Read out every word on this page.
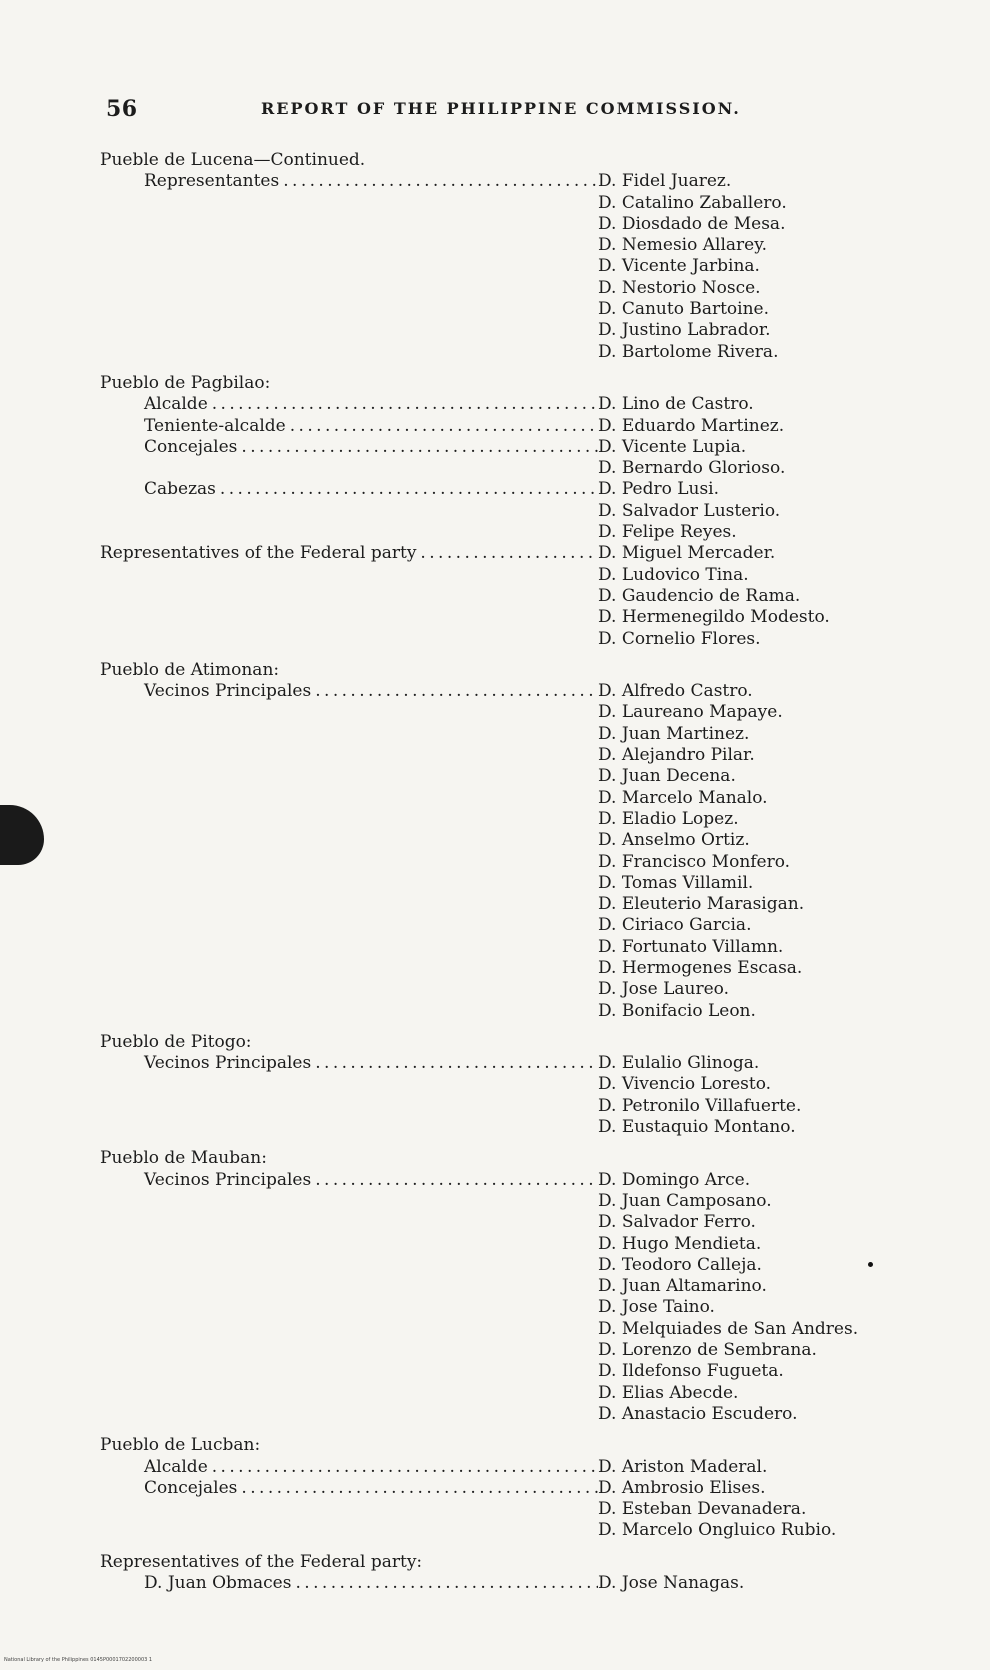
56	REPORT OF THE PHILIPPINE COMMISSION.
Pueble de Lucena—Continued.
Representantes . . .	D. Fidel Juarez.
D. Catalino Zaballero.
D. Diosdado de Mesa.
D. Nemesio Allarey.
D. Vicente Jarbina.
D. Nestorio Nosce.
D. Canuto Bartoine.
D. Justino Labrador.
D. Bartolome Rivera.
Pueblo de Pagbilao:
Alcalde . . .	D. Lino de Castro.
Teniente-alcalde . . .	D. Eduardo Martinez.
Concejales . . .	D. Vicente Lupia.
D. Bernardo Glorioso.
Cabezas . . .	D. Pedro Lusi.
D. Salvador Lusterio.
D. Felipe Reyes.
Representatives of the Federal party . . .	D. Miguel Mercader.
D. Ludovico Tina.
D. Gaudencio de Rama.
D. Hermenegildo Modesto.
D. Cornelio Flores.
Pueblo de Atimonan:
Vecinos Principales . . .	D. Alfredo Castro.
D. Laureano Mapaye.
D. Juan Martinez.
D. Alejandro Pilar.
D. Juan Decena.
D. Marcelo Manalo.
D. Eladio Lopez.
D. Anselmo Ortiz.
D. Francisco Monfero.
D. Tomas Villamil.
D. Eleuterio Marasigan.
D. Ciriaco Garcia.
D. Fortunato Villamn.
D. Hermogenes Escasa.
D. Jose Laureo.
D. Bonifacio Leon.
Pueblo de Pitogo:
Vecinos Principales . . .	D. Eulalio Glinoga.
D. Vivencio Loresto.
D. Petronilo Villafuerte.
D. Eustaquio Montano.
Pueblo de Mauban:
Vecinos Principales . . .	D. Domingo Arce.
D. Juan Camposano.
D. Salvador Ferro.
D. Hugo Mendieta.
D. Teodoro Calleja.
D. Juan Altamarino.
D. Jose Taino.
D. Melquiades de San Andres.
D. Lorenzo de Sembrana.
D. Ildefonso Fugueta.
D. Elias Abecde.
D. Anastacio Escudero.
Pueblo de Lucban:
Alcalde . . .	D. Ariston Maderal.
Concejales . . .	D. Ambrosio Elises.
D. Esteban Devanadera.
D. Marcelo Ongluico Rubio.
Representatives of the Federal party:
D. Juan Obmaces . . .	D. Jose Nanagas.
National Library of the Philippines 0145P0001702200003 1
